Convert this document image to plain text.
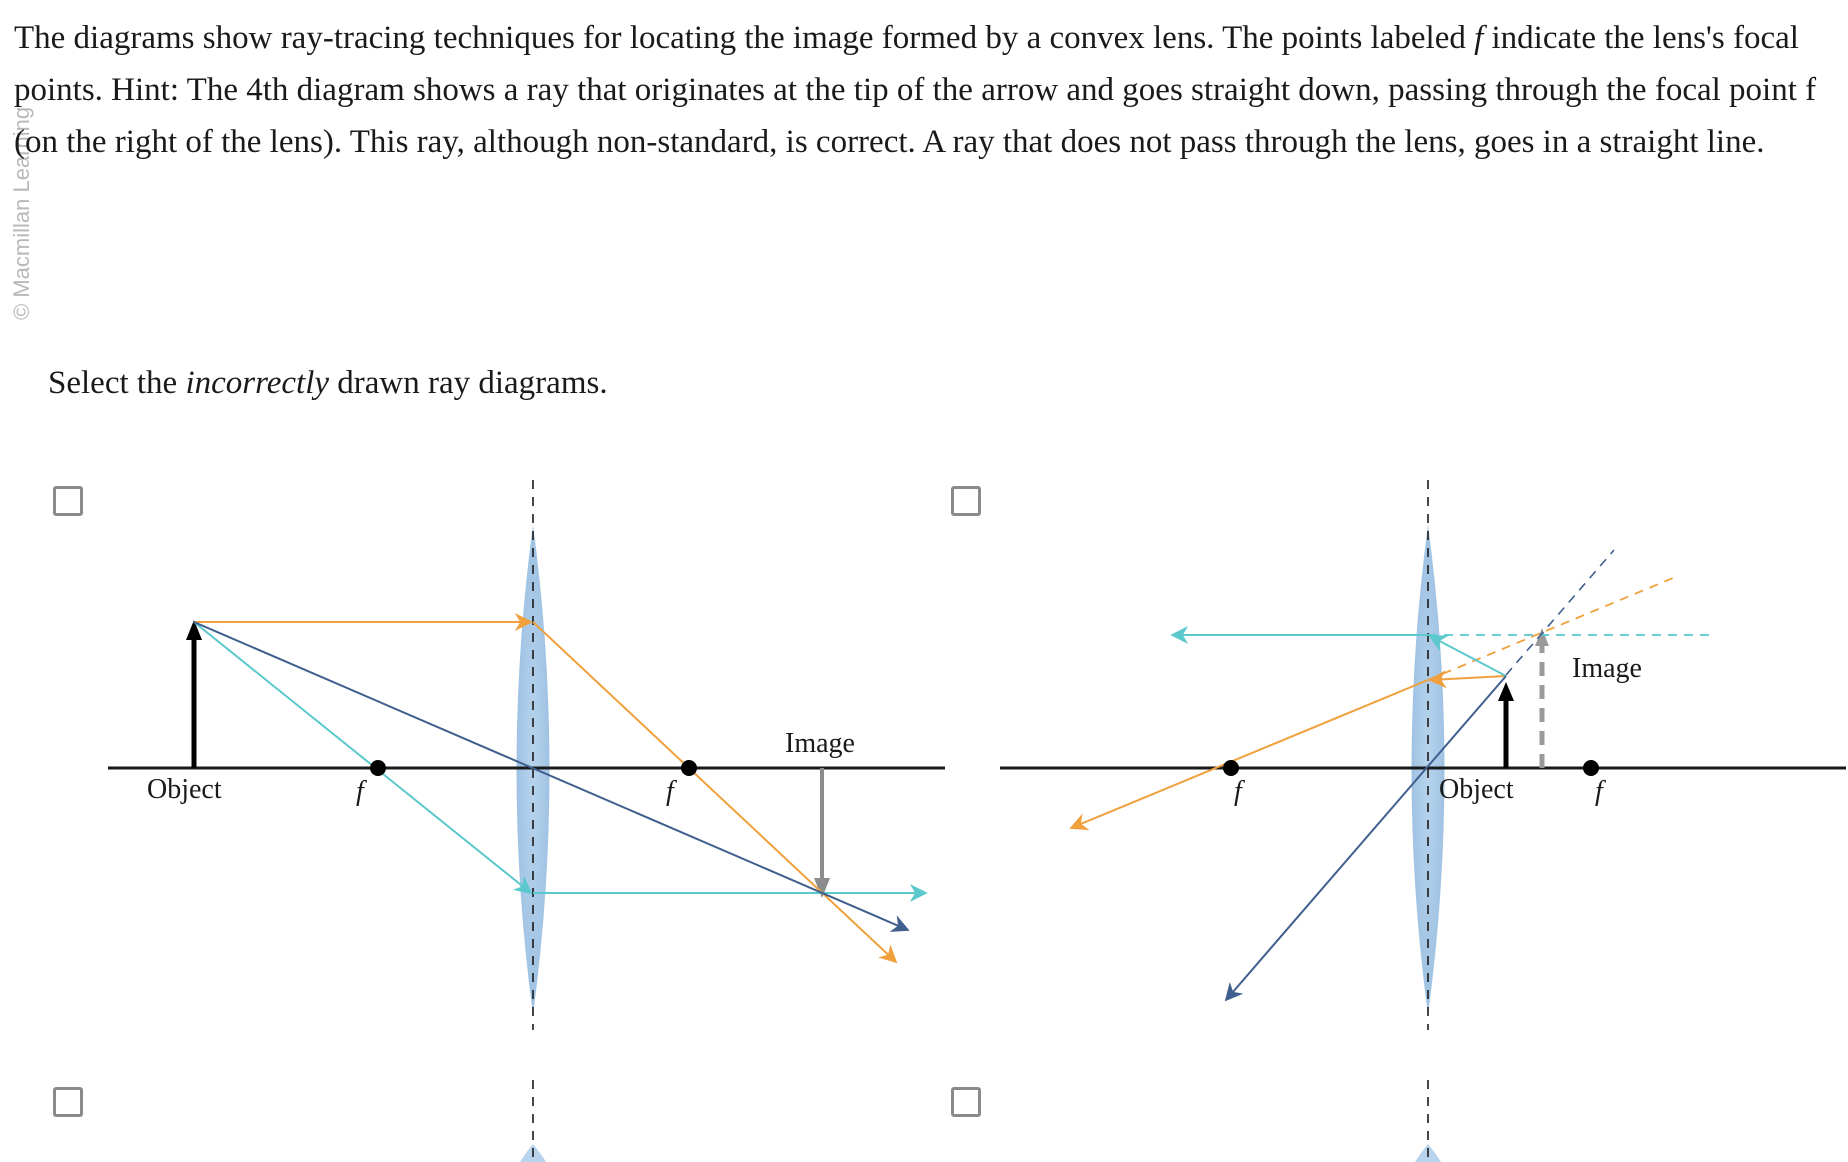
© Macmillan Learning

The diagrams show ray-tracing techniques for locating the image formed by a convex lens. The points labeled f indicate the lens's focal points. Hint: The 4th diagram shows a ray that originates at the tip of the arrow and goes straight down, passing through the focal point f (on the right of the lens). This ray, although non-standard, is correct. A ray that does not pass through the lens, goes in a straight line.

Select the incorrectly drawn ray diagrams.

Object	f	f
Image
f	f
Object
Image
